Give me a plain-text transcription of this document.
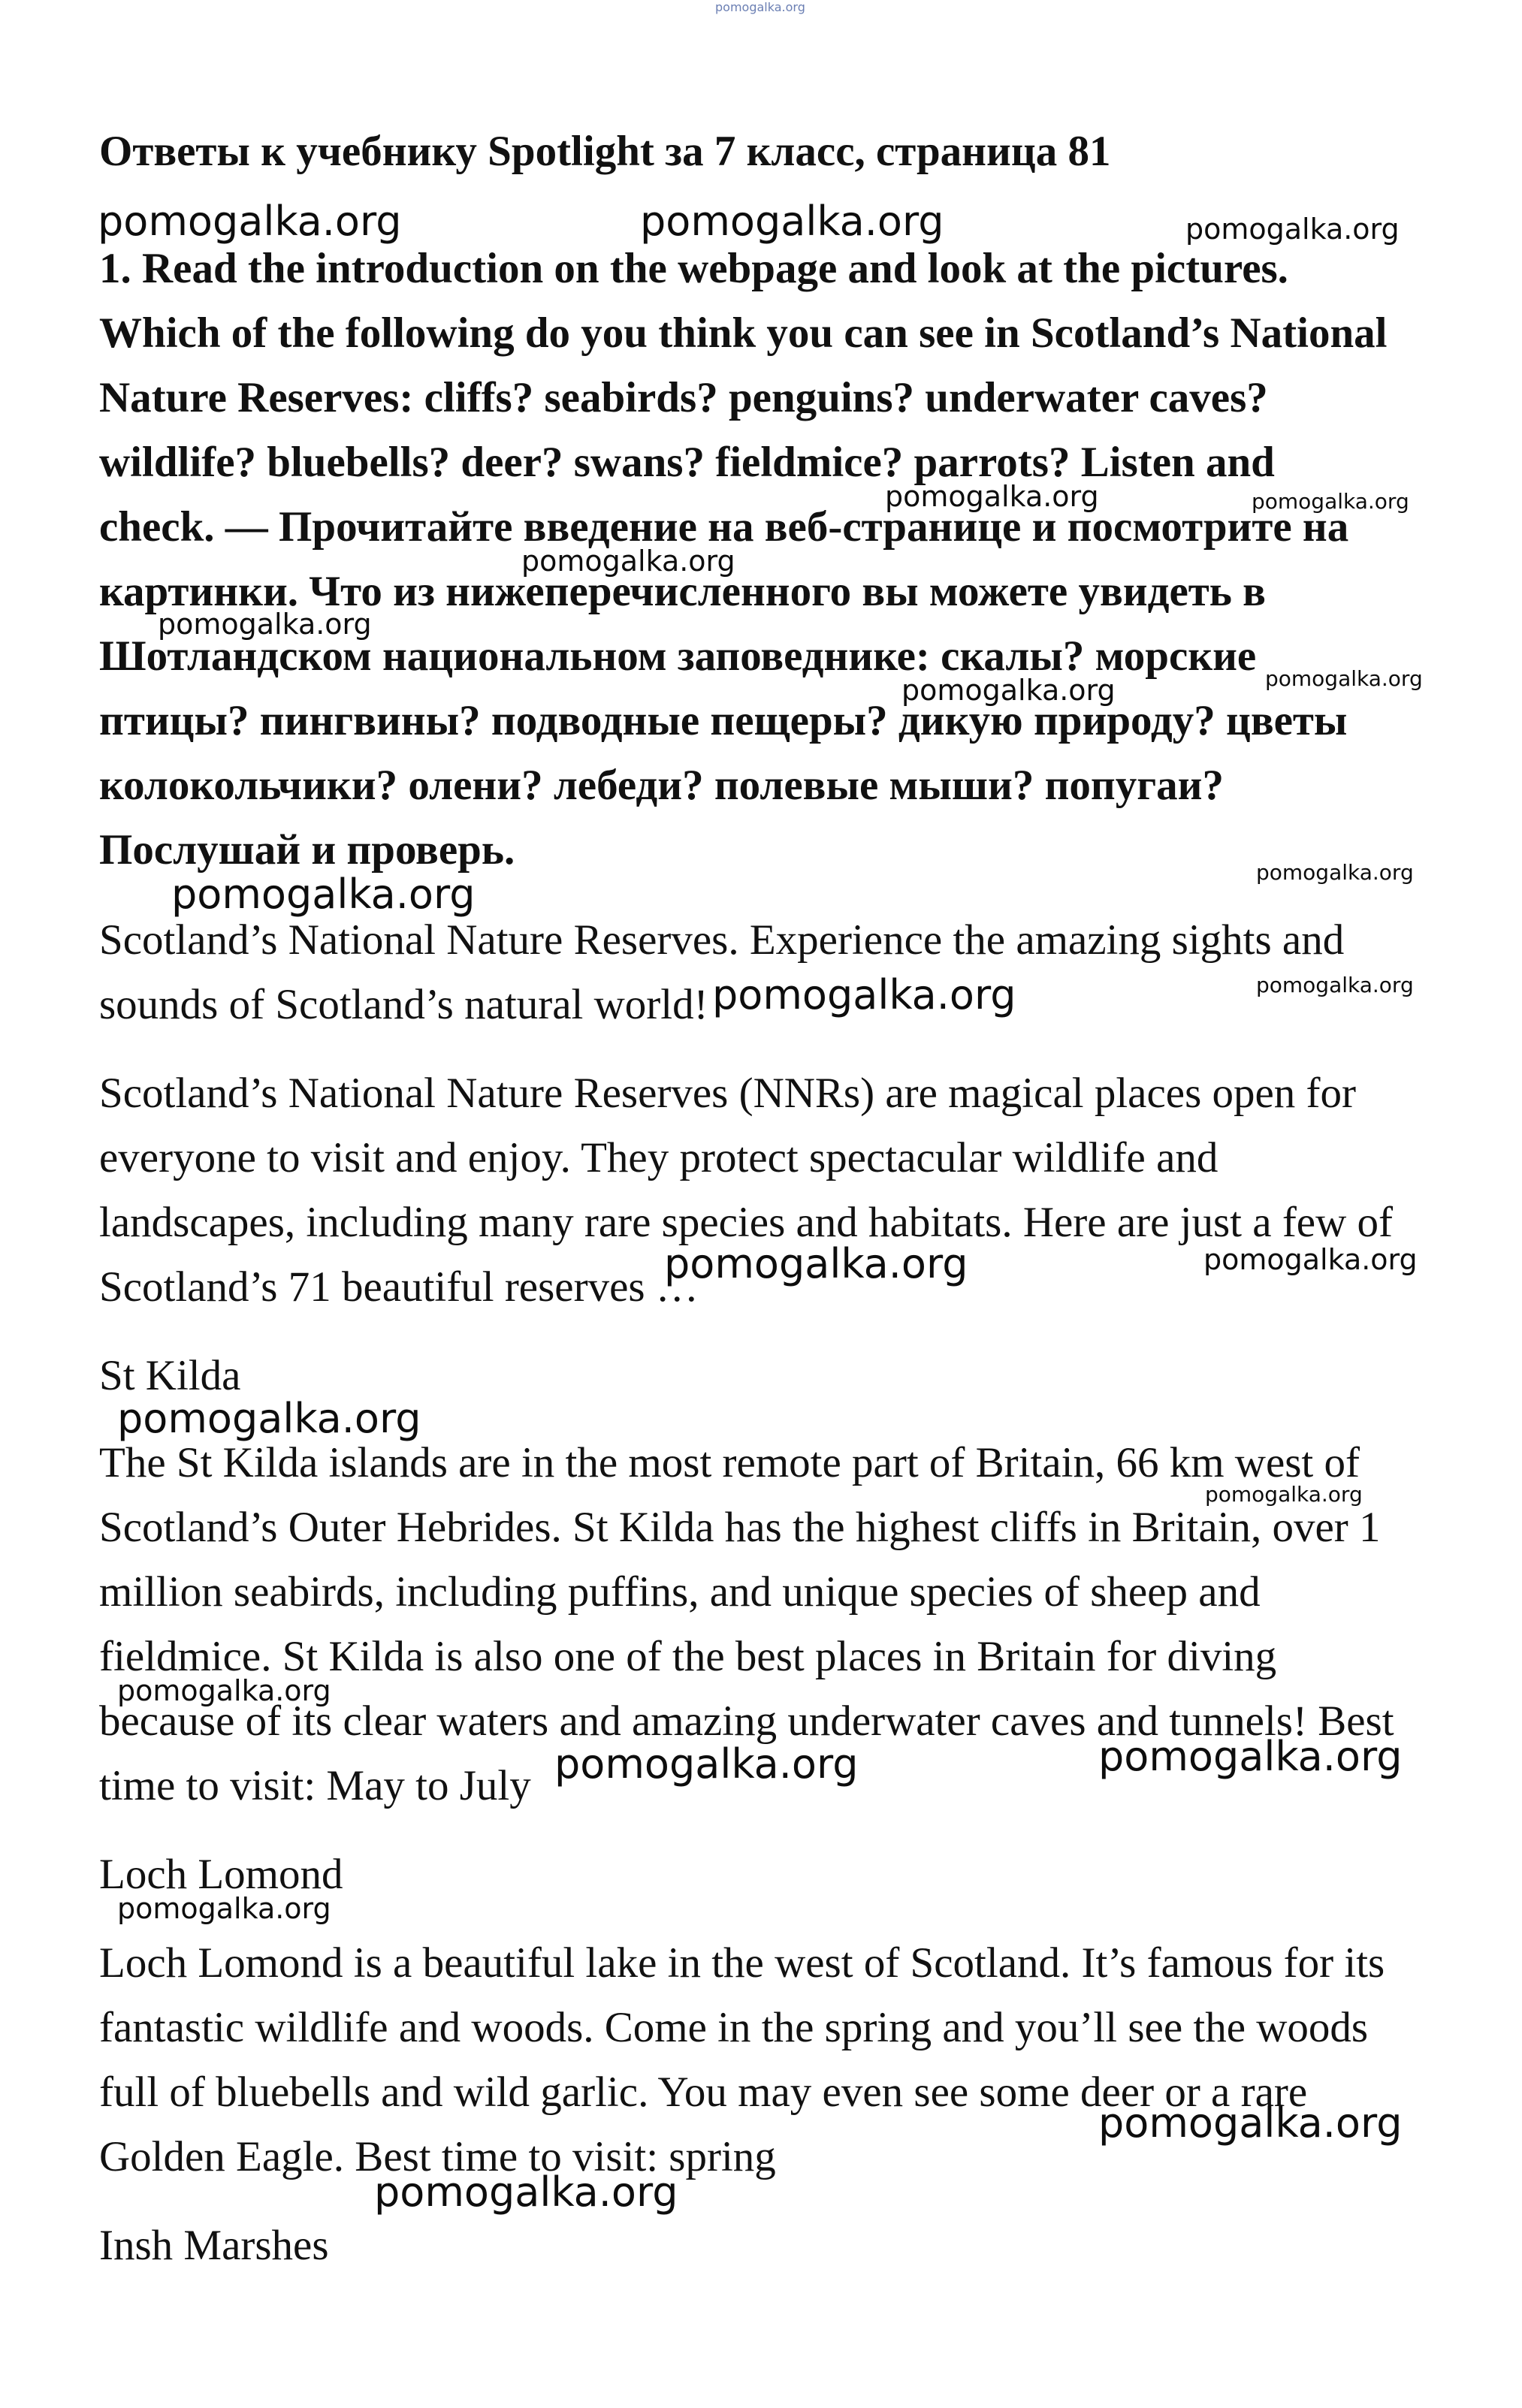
pomogalka.org
Ответы к учебнику Spotlight за 7 класс, страница 81
1. Read the introduction on the webpage and look at the pictures.
Which of the following do you think you can see in Scotland’s National
Nature Reserves: cliffs? seabirds? penguins? underwater caves?
wildlife? bluebells? deer? swans? fieldmice? parrots? Listen and
check. — Прочитайте введение на веб-странице и посмотрите на
картинки. Что из нижеперечисленного вы можете увидеть в
Шотландском национальном заповеднике: скалы? морские
птицы? пингвины? подводные пещеры? дикую природу? цветы
колокольчики? олени? лебеди? полевые мыши? попугаи?
Послушай и проверь.
Scotland’s National Nature Reserves. Experience the amazing sights and
sounds of Scotland’s natural world!
Scotland’s National Nature Reserves (NNRs) are magical places open for
everyone to visit and enjoy. They protect spectacular wildlife and
landscapes, including many rare species and habitats. Here are just a few of
Scotland’s 71 beautiful reserves …
St Kilda
The St Kilda islands are in the most remote part of Britain, 66 km west of
Scotland’s Outer Hebrides. St Kilda has the highest cliffs in Britain, over 1
million seabirds, including puffins, and unique species of sheep and
fieldmice. St Kilda is also one of the best places in Britain for diving
because of its clear waters and amazing underwater caves and tunnels! Best
time to visit: May to July
Loch Lomond
Loch Lomond is a beautiful lake in the west of Scotland. It’s famous for its
fantastic wildlife and woods. Come in the spring and you’ll see the woods
full of bluebells and wild garlic. You may even see some deer or a rare
Golden Eagle. Best time to visit: spring
Insh Marshes
pomogalka.org	pomogalka.org	pomogalka.org
pomogalka.org	pomogalka.org
pomogalka.org
pomogalka.org
pomogalka.org
pomogalka.org
pomogalka.org	pomogalka.org
pomogalka.org	pomogalka.org
pomogalka.org	pomogalka.org
pomogalka.org
pomogalka.org
pomogalka.org
pomogalka.org	pomogalka.org
pomogalka.org
pomogalka.org
pomogalka.org
